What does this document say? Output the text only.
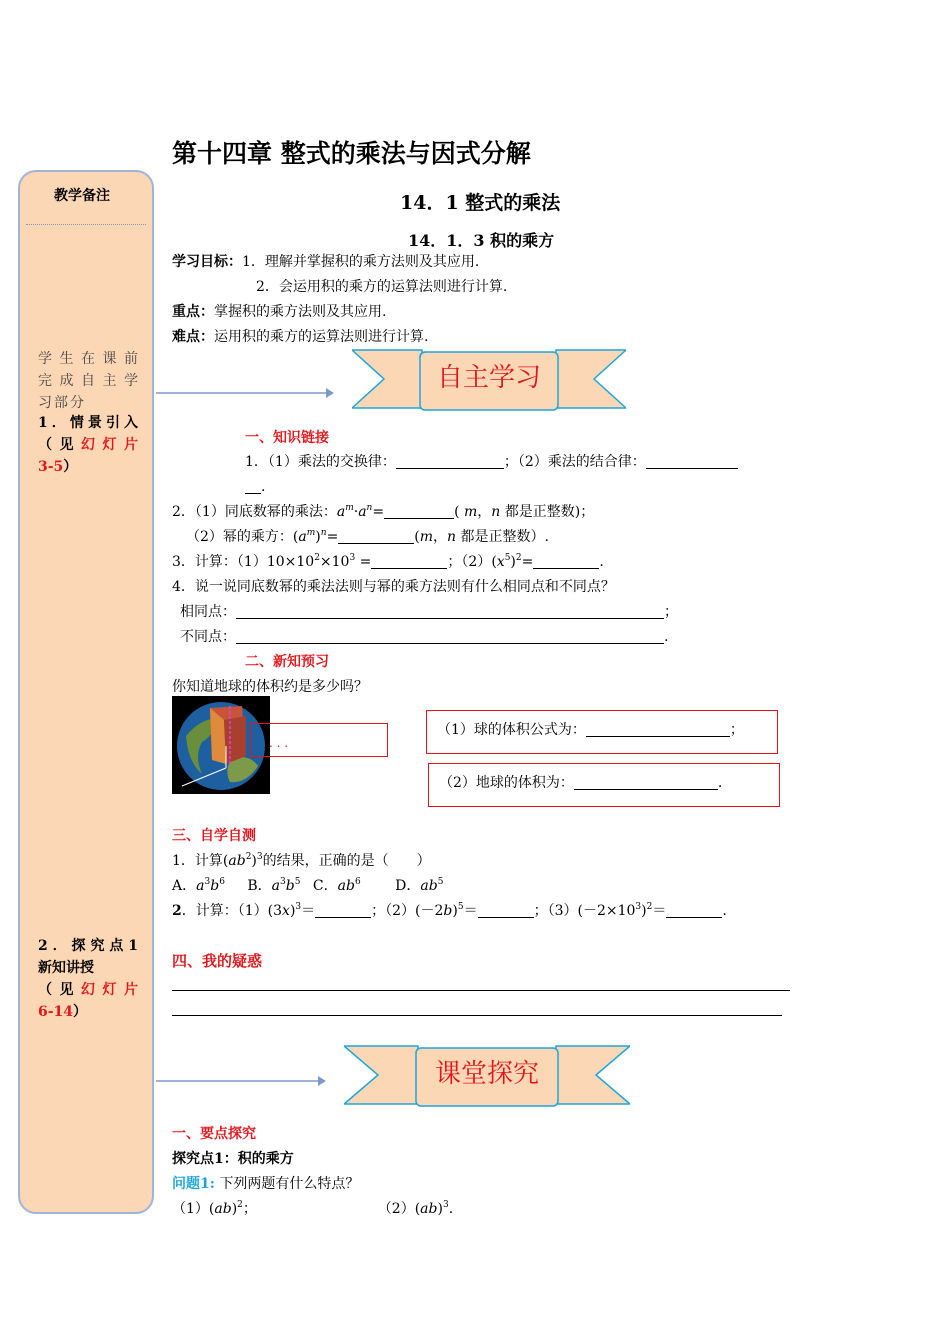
第十四章 整式的乘法与因式分解
14．1 整式的乘法
14．1．3 积的乘方
教学备注
学生在课前
完成自主学
习部分
1．情景引入
（见幻灯片
3-5）
2．探究点1
新知讲授
（见幻灯片
6-14）
学习目标：1．理解并掌握积的乘方法则及其应用.
2．会运用积的乘方的运算法则进行计算.
重点：掌握积的乘方法则及其应用.
难点：运用积的乘方的运算法则进行计算.
自主学习
一、知识链接
1．（1）乘法的交换律：	；（2）乘法的结合律：
.
2．（1）同底数幂的乘法：$a^m\cdot a^n=$	( m，n 都是正整数)；
（2）幂的乘方：$(a^m)^n=$	(m，n 都是正整数）.
3．计算：$(1)10\times 10^2\times 10^3$ =	；$(2)(x^5)^2=$	.
4．说一说同底数幂的乘法法则与幂的乘方法则有什么相同点和不同点？
相同点：	；
不同点：	.
二、新知预习
你知道地球的体积约是多少吗？
. . .
（1）球的体积公式为：	；
（2）地球的体积为：	.
三、自学自测
1．计算$(ab^2)^3$的结果，正确的是（　　）
A．$a^3b^6$ B．$a^3b^5$ C．$ab^6$ D．$ab^5$
2．计算：$(1)(3x)^3=$	；$(2)(-2b)^5=$	；$(3)(-2\times 10^3)^2=$	.
四、我的疑惑
课堂探究
一、要点探究
探究点1：积的乘方
问题1: 下列两题有什么特点？
（1）(ab)$^2$；	（2）(ab)$^3$.
